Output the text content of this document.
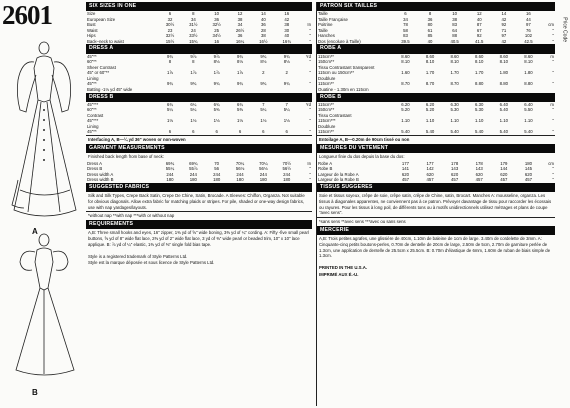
2601
A
B
SIX SIZES IN ONE
Size	6	8	10	12	14	16	
European Size	32	34	36	38	40	42	
Bust	30½	31½	32½	34	36	38	In
Waist	23	24	25	26½	28	30	"
Hips	32½	33½	34½	36	38	40	"
Back–neck to waist	15½	15¾	16	16¼	16½	16¾	"
DRESS A
45"**	9¾	9⅞	9⅞	9¾	9¾	9¾	Yd
60"**	8	8	8⅛	8⅛	8⅛	8⅛	"
Sheer Contrast							
45" or 60"**	1⅞	1⅞	1⅞	1⅞	2	2	"
Lining							
45"**	9¾	9¾	9¾	9¾	9¾	9¾	"
Batting -1⅛ yd 45" wide							
DRESS B
45"***	6¾	6¼	6¾	6¾	7	7	Yd
60"**	5¼	5¼	5⅜	5⅜	5¼	5¼	"
Contrast							
45"***	1⅛	1⅛	1⅛	1⅛	1⅛	1⅛	"
Lining							
45"**	6	6	6	6	6	6	"
Interfacing A, B—¼ yd 36" woven or non-woven
GARMENT MEASUREMENTS
Finished back length from base of neck:
Dress A	69¾	69¾	70	70¼	70¼	70½	In
Dress B	55¼	55⅞	56	56⅛	56⅛	56½	"
Dress width A	244	244	244	244	244	244	"
Dress width B	180	180	180	180	180	180	"
SUGGESTED FABRICS
Silk and Silk Types, Crepe Back Satin, Crepe De Chine, Satin, Brocade. A Sleeves: Chiffon, Organza. Not suitable for obvious diagonals. Allow extra fabric for matching plaids or stripes. For pile, shaded or one-way design fabrics, use with nap yardages/layouts.
*without nap **with nap ***with or without nap
REQUIREMENTS
A,B: Three small hooks and eyes, 16" zipper, 1⅜ yd of ⅝" wide boning, 3⅜ yd of ¼" cording. A: Fifty -five small pearl buttons, ⅝ yd of 8" wide flat lace, 2⅜ yd of 2" wide flat lace, 3 yd of ⅜" wide pearl or beaded trim, 10" x 10" lace applique. B: ⅞ yd of ¼" elastic, 1⅜ yd of ⅜" single fold bias tape.
Style is a registered trademark of Style Patterns Ltd.
Style est la marque déposée et sous licence de Style Patterns Ltd.
PATRON SIX TAILLES
Taille	6	8	10	12	14	16	
Taille Française	34	36	38	40	42	44	
Poitrine	78	80	83	87	92	97	cm
Taille	58	61	64	67	71	76	"
Hanches	83	85	88	92	97	102	"
Dos (encolure à Taille)	39.5	40	40.5	41.5	42	42.5	"
ROBE A
115cm**	8.60	8.60	8.60	8.60	8.60	8.60	m
150cm**	8.10	8.10	8.10	8.10	8.10	8.10	"
Tissu Contrastant transparent							
115cm ou 150cm**	1.60	1.70	1.70	1.70	1.80	1.80	"
Doublure							
115cm**	8.70	8.70	8.70	8.80	8.80	8.80	"
Ouatine - 1.30m en 115cm							
ROBE B
115cm**	6.20	6.20	6.30	6.30	6.40	6.40	m
150cm**	5.20	5.20	5.30	5.30	5.40	5.50	"
Tissu Contrastant							
115cm***	1.10	1.10	1.10	1.10	1.10	1.10	"
Doublure							
115cm**	5.40	5.40	5.40	5.40	5.40	5.40	"
Entoilage A, B—0.20m de 90cm tissé ou non
MESURES DU VETEMENT
Longueur finie du dos depuis la base du dos:
Robe A	177	177	178	178	179	180	cm
Robe B	141	142	143	143	144	145	"
Largeur de la Robe A	620	620	620	620	620	620	"
Largeur de la Robe B	457	457	457	457	457	457	"
TISSUS SUGGERES
Soie et tissus soyeux, crêpe de soie, crêpe satin, crêpe de Chine, satin, Brocart. Manches A: mousseline, organza. Les tissus à diagonales apparentes, ne conviennent pas à ce patron. Prévoyer davantage de tissu pour raccorder les écossais ou rayures. Pour les tissus à long poil, de différents tons ou à motifs unidirectionnels utilisez métrages et plans de coupe "avec sens".
*sans sens **avec sens ***avec ou sans sens
MERCERIE
A,B: Trois petites agrafes, une glissière de 40cm, 1.10m de baleine de 1cm de large. 3.40m de cordelette de 3mm. A: Cinquante-cinq petits boutons-perles, 0.70m de dentelle de 20cm de large, 2.50m de 5cm, 2.70m de garniture perlée de 1.3cm, une application de dentelle de 25.5cm x 25.5cm. B: 0.70m d'élastique de 6mm, 1.60m de ruban de biais simple de 1.3cm.
PRINTED IN THE U.S.A.
IMPRIMÉ AUX É.-U.
Price Code
